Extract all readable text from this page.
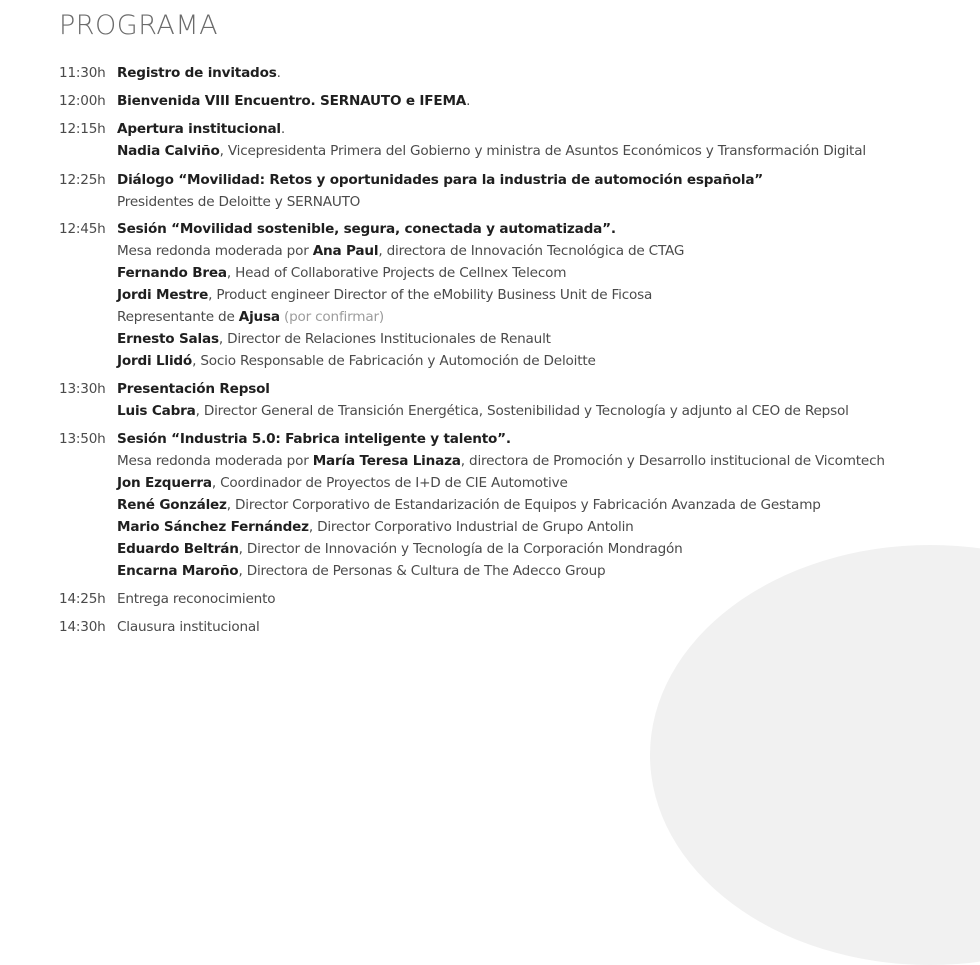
PROGRAMA
11:30h Registro de invitados.
12:00h Bienvenida VIII Encuentro. SERNAUTO e IFEMA.
12:15h Apertura institucional.
Nadia Calviño, Vicepresidenta Primera del Gobierno y ministra de Asuntos Económicos y Transformación Digital
12:25h Diálogo “Movilidad: Retos y oportunidades para la industria de automoción española”
Presidentes de Deloitte y SERNAUTO
12:45h Sesión “Movilidad sostenible, segura, conectada y automatizada”.
Mesa redonda moderada por Ana Paul, directora de Innovación Tecnológica de CTAG
Fernando Brea, Head of Collaborative Projects de Cellnex Telecom
Jordi Mestre, Product engineer Director of the eMobility Business Unit de Ficosa
Representante de Ajusa (por confirmar)
Ernesto Salas, Director de Relaciones Institucionales de Renault
Jordi Llidó, Socio Responsable de Fabricación y Automoción de Deloitte
13:30h Presentación Repsol
Luis Cabra, Director General de Transición Energética, Sostenibilidad y Tecnología y adjunto al CEO de Repsol
13:50h Sesión “Industria 5.0: Fabrica inteligente y talento”.
Mesa redonda moderada por María Teresa Linaza, directora de Promoción y Desarrollo institucional de Vicomtech
Jon Ezquerra, Coordinador de Proyectos de I+D de CIE Automotive
René González, Director Corporativo de Estandarización de Equipos y Fabricación Avanzada de Gestamp
Mario Sánchez Fernández, Director Corporativo Industrial de Grupo Antolin
Eduardo Beltrán, Director de Innovación y Tecnología de la Corporación Mondragón
Encarna Maroño, Directora de Personas & Cultura de The Adecco Group
14:25h Entrega reconocimiento
14:30h Clausura institucional
